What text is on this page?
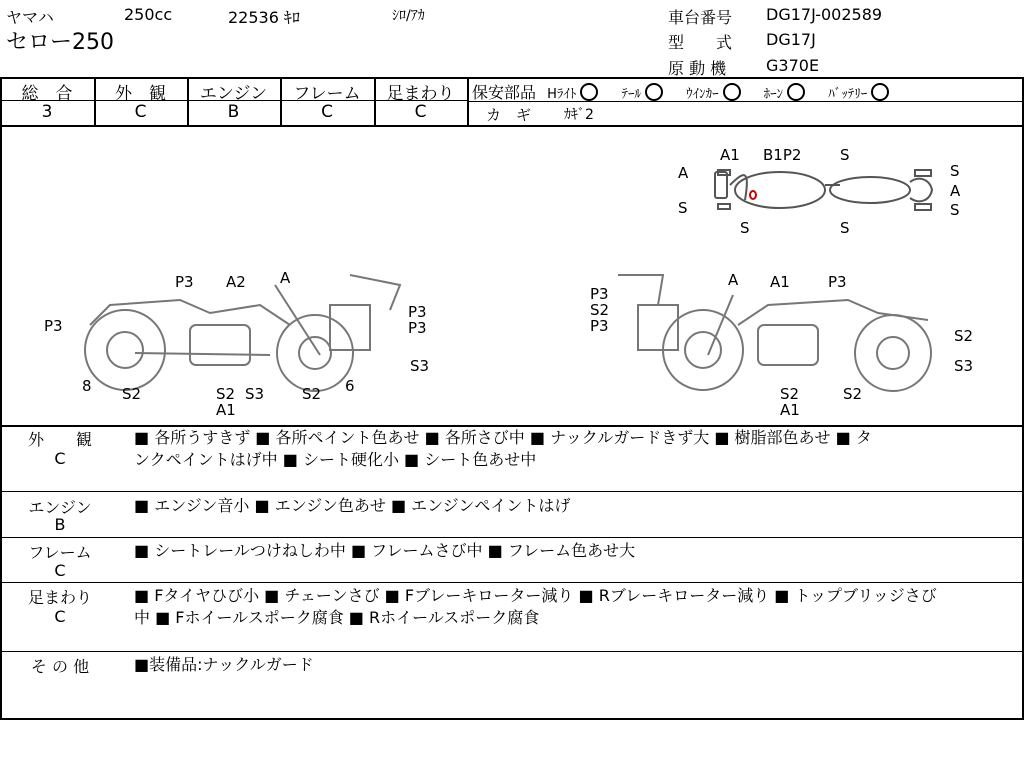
ヤマハ	250cc	22536 ｷﾛ	ｼﾛ/ｱｶ
セロー250
車台番号 DG17J-002589
型　　式 DG17J
原 動 機 G370E
総　合
3
外　観
C
エンジン
B
フレーム
C
足まわり
C
保安部品 Hﾗｲﾄ	ﾃｰﾙ	ｳｲﾝｶｰ	ﾎｰﾝ	ﾊﾞｯﾃﾘｰ
カ　ギ ｶｷﾞ2
A1 B1P2	S
A
S
S	S
S
A
S
P3 A2 A
P3
P3
P3
8 S2	S2
A1
S3	S2 6
S3
A A1	P3
P3
S2
P3
S2
S3
S2
A1
S2
外　　観
C
■ 各所うすきず ■ 各所ペイント色あせ ■ 各所さび中 ■ ナックルガードきず大 ■ 樹脂部色あせ ■ タ
ンクペイントはげ中 ■ シート硬化小 ■ シート色あせ中
エンジン
B
■ エンジン音小 ■ エンジン色あせ ■ エンジンペイントはげ
フレーム
C
■ シートレールつけねしわ中 ■ フレームさび中 ■ フレーム色あせ大
足まわり
C
■ Fタイヤひび小 ■ チェーンさび ■ Fブレーキローター減り ■ Rブレーキローター減り ■ トップブリッジさび
中 ■ Fホイールスポーク腐食 ■ Rホイールスポーク腐食
そ の 他	■装備品:ナックルガード
